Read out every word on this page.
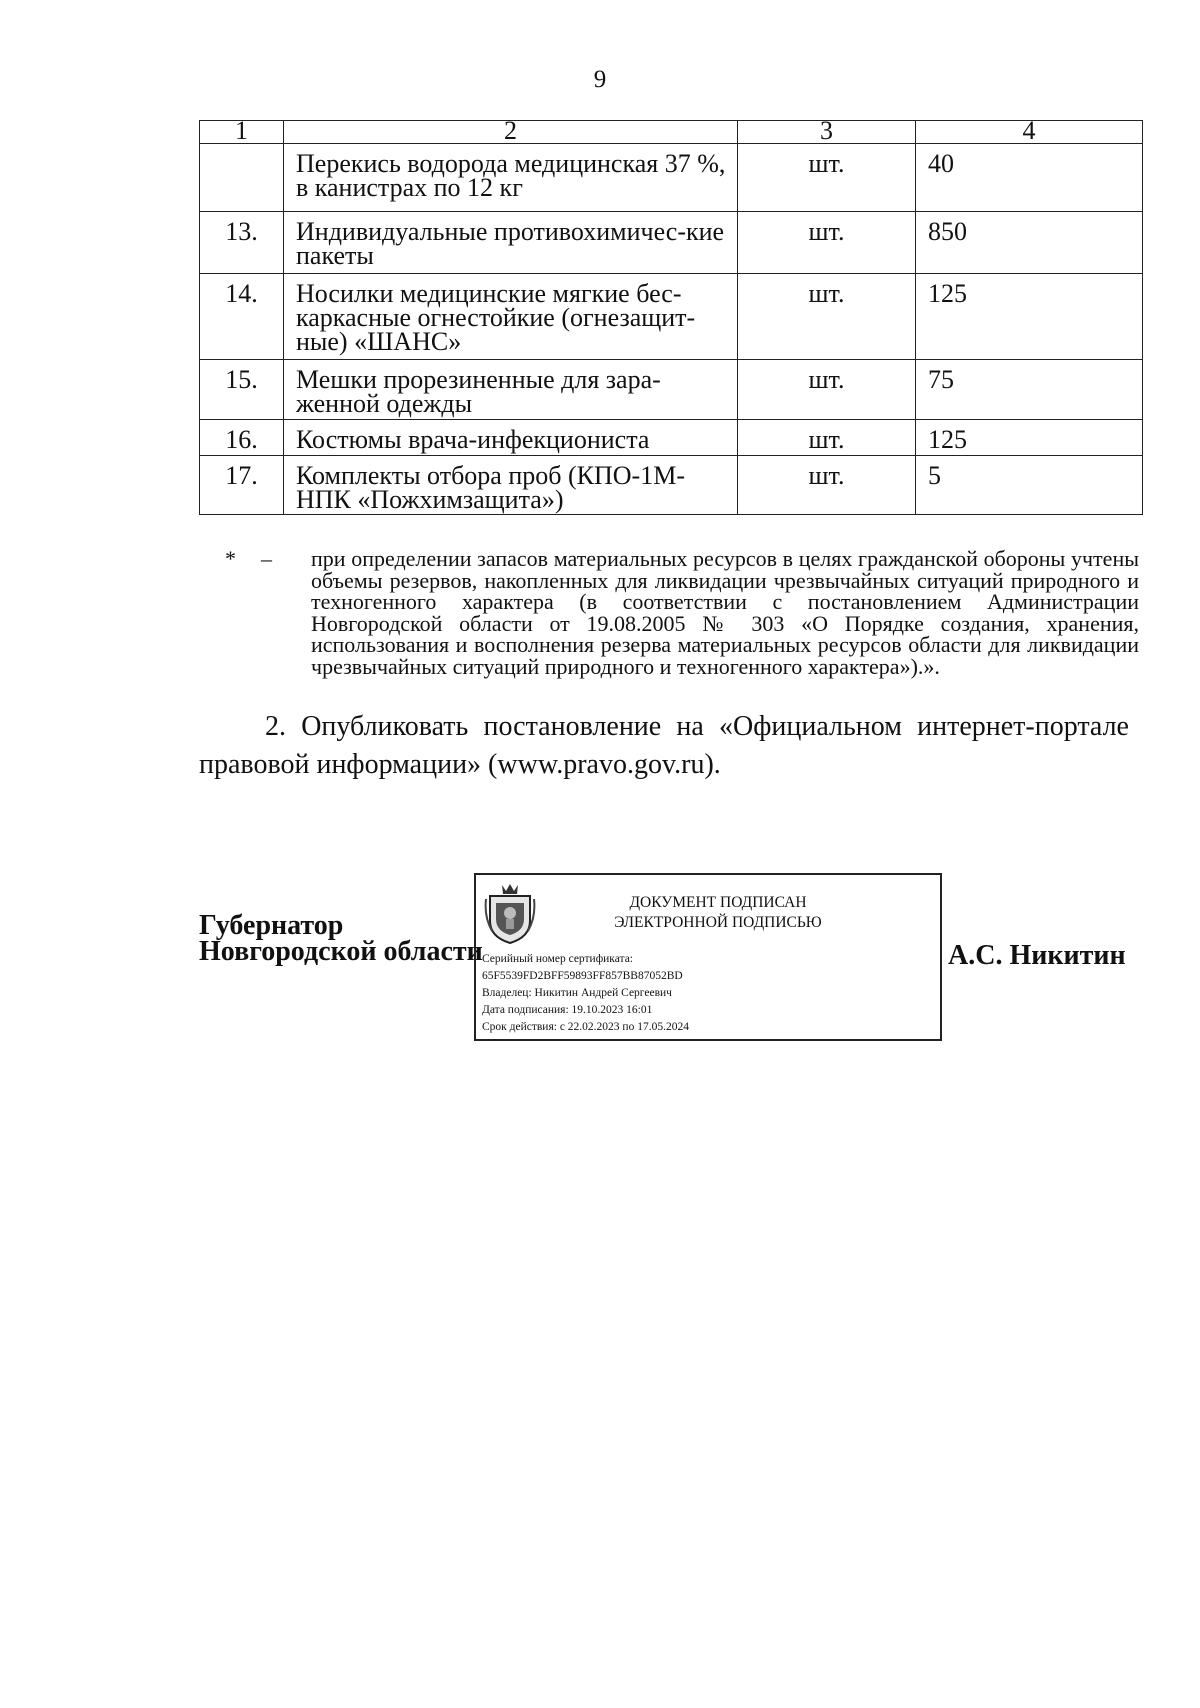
9
1	2	3	4
	Перекись водорода медицинская 37 %, в канистрах по 12 кг	шт.	40
13.	Индивидуальные противохимичес-кие пакеты	шт.	850
14.	Носилки медицинские мягкие бес-каркасные огнестойкие (огнезащит-ные) «ШАНС»	шт.	125
15.	Мешки прорезиненные для зара-женной одежды	шт.	75
16.	Костюмы врача-инфекциониста	шт.	125
17.	Комплекты отбора проб (КПО-1М-НПК «Пожхимзащита»)	шт.	5
* – при определении запасов материальных ресурсов в целях гражданской обороны учтены объемы резервов, накопленных для ликвидации чрезвычайных ситуаций природного и техногенного характера (в соответствии с постановлением Администрации Новгородской области от 19.08.2005 № 303 «О Порядке создания, хранения, использования и восполнения резерва материальных ресурсов области для ликвидации чрезвычайных ситуаций природного и техногенного характера»).».
2. Опубликовать постановление на «Официальном интернет-портале правовой информации» (www.pravo.gov.ru).
Губернатор
Новгородской области
ДОКУМЕНТ ПОДПИСАН
ЭЛЕКТРОННОЙ ПОДПИСЬЮ
Серийный номер сертификата:
65F5539FD2BFF59893FF857BB87052BD
Владелец: Никитин Андрей Сергеевич
Дата подписания: 19.10.2023 16:01
Срок действия: с 22.02.2023 по 17.05.2024
А.С. Никитин
